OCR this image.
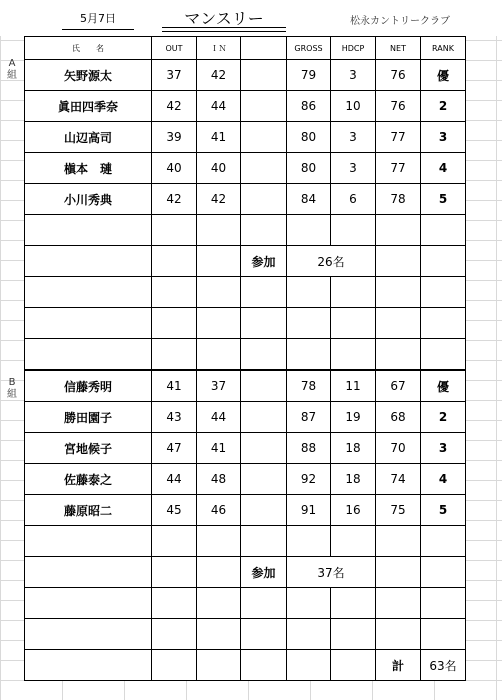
5月7日	マンスリー	松永カントリークラブ
A
組
B
組
氏　　名	OUT	ＩＮ		GROSS	HDCP	NET	RANK
矢野源太	37	42		79	3	76	優
眞田四季奈	42	44		86	10	76	2
山辺高司	39	41		80	3	77	3
槇本　璉	40	40		80	3	77	4
小川秀典	42	42		84	6	78	5

			参加	26名			

信藤秀明	41	37		78	11	67	優
勝田園子	43	44		87	19	68	2
宮地候子	47	41		88	18	70	3
佐藤泰之	44	48		92	18	74	4
藤原昭二	45	46		91	16	75	5

			参加	37名			

						計	63名
